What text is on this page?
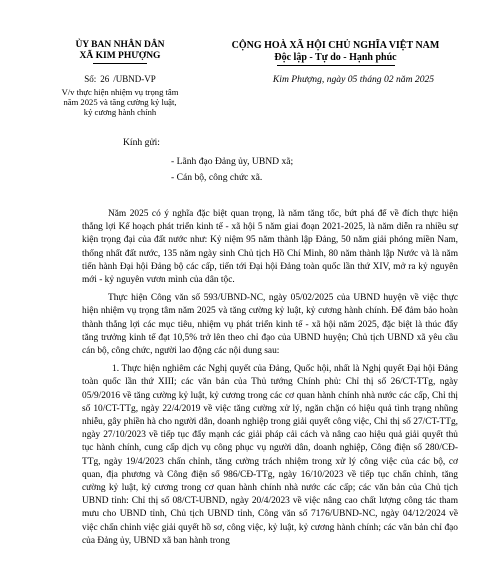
ỦY BAN NHÂN DÂN
XÃ KIM PHƯỢNG
Số: 26 /UBND-VP
V/v thực hiện nhiệm vụ trọng tâm
năm 2025 và tăng cường kỷ luật,
kỷ cương hành chính
CỘNG HOÀ XÃ HỘI CHỦ NGHĨA VIỆT NAM
Độc lập - Tự do - Hạnh phúc
Kim Phượng, ngày 05 tháng 02 năm 2025
Kính gửi:
- Lãnh đạo Đảng ủy, UBND xã;
- Cán bộ, công chức xã.

Năm 2025 có ý nghĩa đặc biệt quan trọng, là năm tăng tốc, bứt phá để về đích thực hiện thắng lợi Kế hoạch phát triển kinh tế - xã hội 5 năm giai đoạn 2021-2025, là năm diễn ra nhiều sự kiện trọng đại của đất nước như: Kỷ niệm 95 năm thành lập Đảng, 50 năm giải phóng miền Nam, thống nhất đất nước, 135 năm ngày sinh Chủ tịch Hồ Chí Minh, 80 năm thành lập Nước và là năm tiến hành Đại hội Đảng bộ các cấp, tiến tới Đại hội Đảng toàn quốc lần thứ XIV, mở ra kỷ nguyên mới - kỷ nguyên vươn mình của dân tộc.

Thực hiện Công văn số 593/UBND-NC, ngày 05/02/2025 của UBND huyện về việc thực hiện nhiệm vụ trọng tâm năm 2025 và tăng cường kỷ luật, kỷ cương hành chính. Để đảm bảo hoàn thành thắng lợi các mục tiêu, nhiệm vụ phát triển kinh tế - xã hội năm 2025, đặc biệt là thúc đẩy tăng trưởng kinh tế đạt 10,5% trở lên theo chỉ đạo của UBND huyện; Chủ tịch UBND xã yêu cầu cán bộ, công chức, người lao động các nội dung sau:

1. Thực hiện nghiêm các Nghị quyết của Đảng, Quốc hội, nhất là Nghị quyết Đại hội Đảng toàn quốc lần thứ XIII; các văn bản của Thủ tướng Chính phủ: Chỉ thị số 26/CT-TTg, ngày 05/9/2016 về tăng cường kỷ luật, kỷ cương trong các cơ quan hành chính nhà nước các cấp, Chỉ thị số 10/CT-TTg, ngày 22/4/2019 về việc tăng cường xử lý, ngăn chặn có hiệu quả tình trạng nhũng nhiễu, gây phiền hà cho người dân, doanh nghiệp trong giải quyết công việc, Chỉ thị số 27/CT-TTg, ngày 27/10/2023 về tiếp tục đẩy mạnh các giải pháp cải cách và nâng cao hiệu quả giải quyết thủ tục hành chính, cung cấp dịch vụ công phục vụ người dân, doanh nghiệp, Công điện số 280/CĐ-TTg, ngày 19/4/2023 chấn chỉnh, tăng cường trách nhiệm trong xử lý công việc của các bộ, cơ quan, địa phương và Công điện số 986/CĐ-TTg, ngày 16/10/2023 về tiếp tục chấn chỉnh, tăng cường kỷ luật, kỷ cương trong cơ quan hành chính nhà nước các cấp; các văn bản của Chủ tịch UBND tỉnh: Chỉ thị số 08/CT-UBND, ngày 20/4/2023 về việc nâng cao chất lượng công tác tham mưu cho UBND tỉnh, Chủ tịch UBND tỉnh, Công văn số 7176/UBND-NC, ngày 04/12/2024 về việc chấn chỉnh việc giải quyết hồ sơ, công việc, kỷ luật, kỷ cương hành chính; các văn bản chỉ đạo của Đảng ủy, UBND xã ban hành trong
